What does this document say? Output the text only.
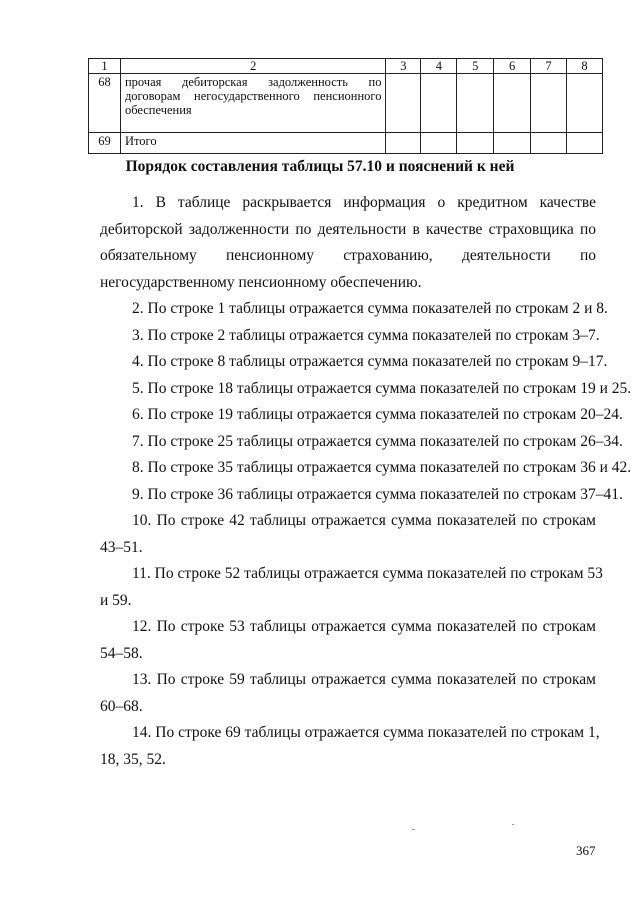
1	2	3	4	5	6	7	8
68	прочая дебиторская задолженность по
договорам негосударственного пенсионного
обеспечения						

69	Итого						

Порядок составления таблицы 57.10 и пояснений к ней

1. В таблице раскрывается информация о кредитном качестве
дебиторской задолженности по деятельности в качестве страховщика по
обязательному пенсионному страхованию, деятельности по
негосударственному пенсионному обеспечению.

2. По строке 1 таблицы отражается сумма показателей по строкам 2 и 8.

3. По строке 2 таблицы отражается сумма показателей по строкам 3–7.

4. По строке 8 таблицы отражается сумма показателей по строкам 9–17.

5. По строке 18 таблицы отражается сумма показателей по строкам 19 и 25.

6. По строке 19 таблицы отражается сумма показателей по строкам 20–24.

7. По строке 25 таблицы отражается сумма показателей по строкам 26–34.

8. По строке 35 таблицы отражается сумма показателей по строкам 36 и 42.

9. По строке 36 таблицы отражается сумма показателей по строкам 37–41.

10. По строке 42 таблицы отражается сумма показателей по строкам
43–51.

11. По строке 52 таблицы отражается сумма показателей по строкам 53
и 59.

12. По строке 53 таблицы отражается сумма показателей по строкам
54–58.

13. По строке 59 таблицы отражается сумма показателей по строкам
60–68.

14. По строке 69 таблицы отражается сумма показателей по строкам 1,
18, 35, 52.

367
